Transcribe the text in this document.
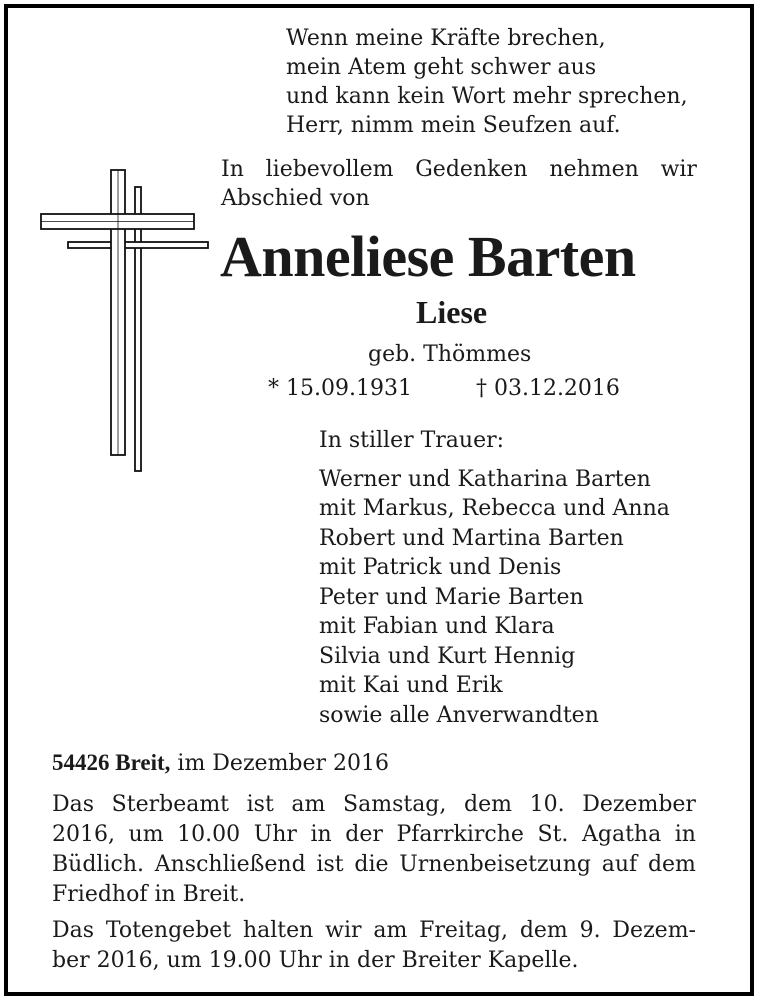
Wenn meine Kräfte brechen,
mein Atem geht schwer aus
und kann kein Wort mehr sprechen,
Herr, nimm mein Seufzen auf.
In liebevollem Gedenken nehmen wir
Abschied von
Anneliese Barten
Liese
geb. Thömmes
* 15.09.1931	† 03.12.2016
In stiller Trauer:
Werner und Katharina Barten
mit Markus, Rebecca und Anna
Robert und Martina Barten
mit Patrick und Denis
Peter und Marie Barten
mit Fabian und Klara
Silvia und Kurt Hennig
mit Kai und Erik
sowie alle Anverwandten
54426 Breit, im Dezember 2016
Das Sterbeamt ist am Samstag, dem 10. Dezember
2016, um 10.00 Uhr in der Pfarrkirche St. Agatha in
Büdlich. Anschließend ist die Urnenbeisetzung auf dem
Friedhof in Breit.
Das Totengebet halten wir am Freitag, dem 9. Dezem-
ber 2016, um 19.00 Uhr in der Breiter Kapelle.
